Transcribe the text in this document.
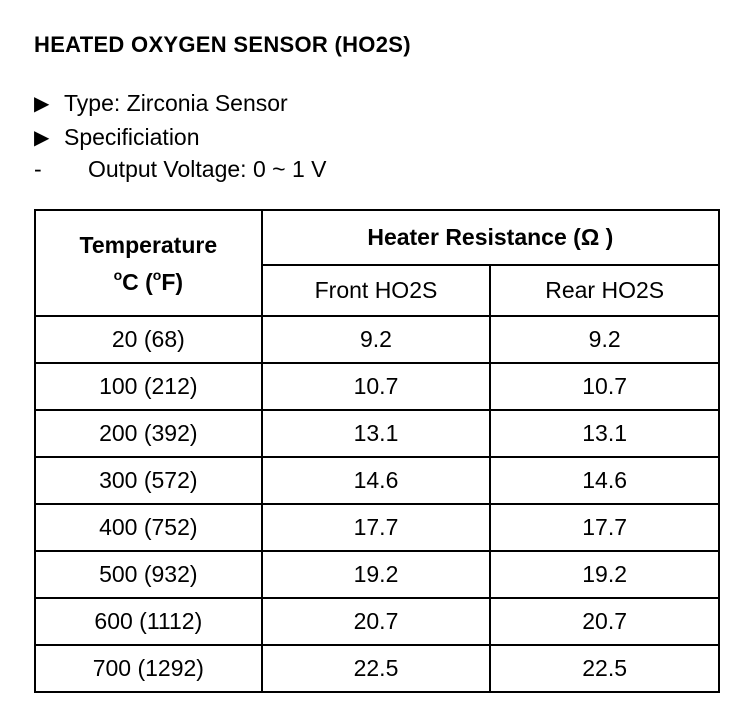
HEATED OXYGEN SENSOR (HO2S)
▶ Type: Zirconia Sensor
▶ Specificiation
-	Output Voltage: 0 ~ 1 V
Temperature
$^o$C ($^o$F)	Heater Resistance (Ω )	
	Front HO2S	Rear HO2S
20 (68)	9.2	9.2
100 (212)	10.7	10.7
200 (392)	13.1	13.1
300 (572)	14.6	14.6
400 (752)	17.7	17.7
500 (932)	19.2	19.2
600 (1112)	20.7	20.7
700 (1292)	22.5	22.5
